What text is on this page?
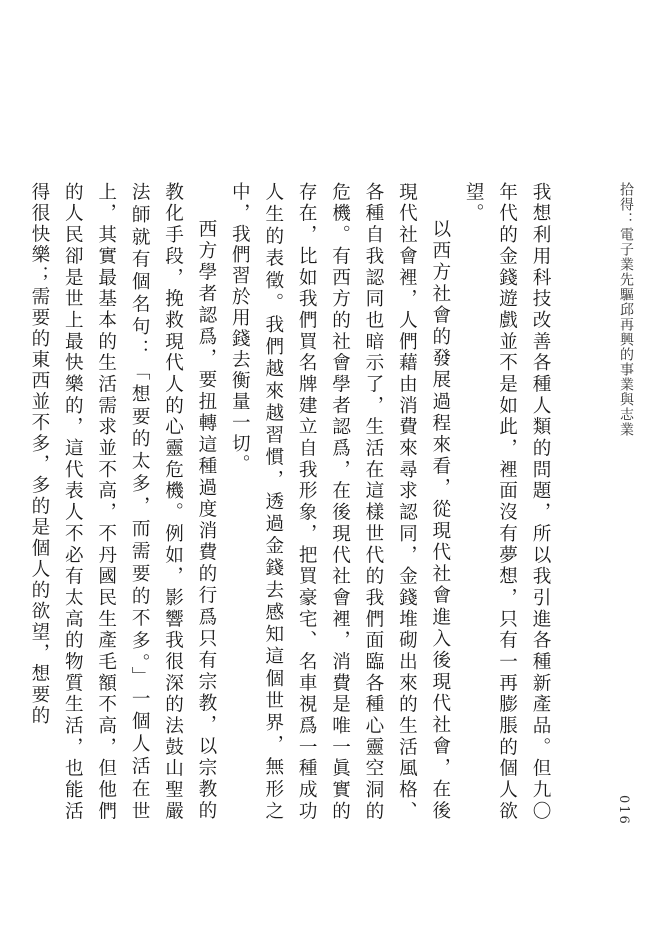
拾得：電子業先驅邱再興的事業與志業

我想利用科技改善各種人類的問題，所以我引進各種新產品。但九〇年代的金錢遊戲並不是如此，裡面沒有夢想，只有一再膨脹的個人欲望。

以西方社會的發展過程來看，從現代社會進入後現代社會，在後現代社會裡，人們藉由消費來尋求認同，金錢堆砌出來的生活風格、各種自我認同也暗示了，生活在這樣世代的我們面臨各種心靈空洞的危機。有西方的社會學者認爲，在後現代社會裡，消費是唯一眞實的存在，比如我們買名牌建立自我形象，把買豪宅、名車視爲一種成功人生的表徵。我們越來越習慣，透過金錢去感知這個世界，無形之中，我們習於用錢去衡量一切。

西方學者認爲，要扭轉這種過度消費的行爲只有宗教，以宗教的教化手段，挽救現代人的心靈危機。例如，影響我很深的法鼓山聖嚴法師就有個名句：「想要的太多，而需要的不多。」一個人活在世上，其實最基本的生活需求並不高，不丹國民生產毛額不高，但他們的人民卻是世上最快樂的，這代表人不必有太高的物質生活，也能活得很快樂；需要的東西並不多，多的是個人的欲望，想要的

016
